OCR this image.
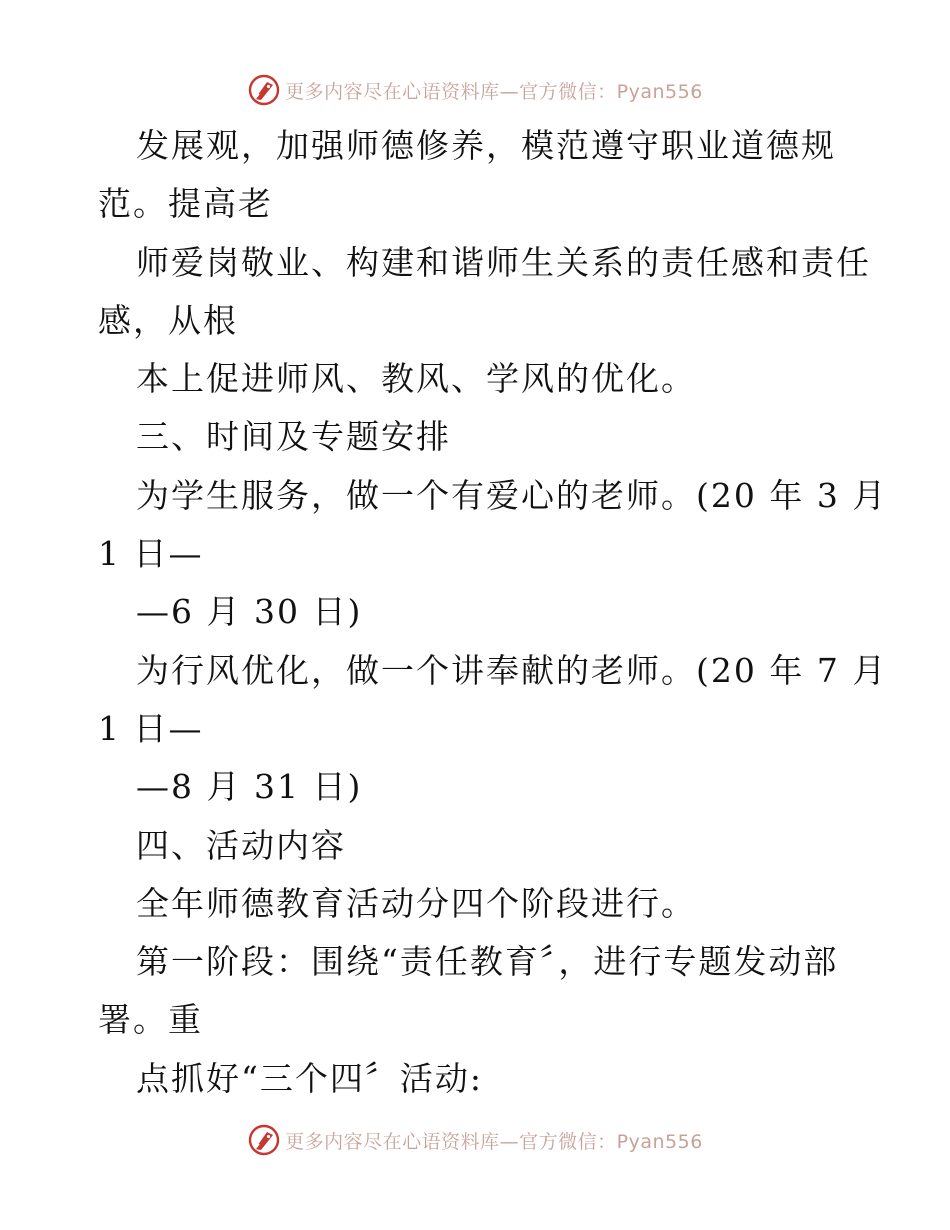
更多内容尽在心语资料库—官方微信：Pyan556
发展观，加强师德修养，模范遵守职业道德规
范。提高老
师爱岗敬业、构建和谐师生关系的责任感和责任
感，从根
本上促进师风、教风、学风的优化。
三、时间及专题安排
为学生服务，做一个有爱心的老师。(20 年 3 月
1 日—
—6 月 30 日)
为行风优化，做一个讲奉献的老师。(20 年 7 月
1 日—
—8 月 31 日)
四、活动内容
全年师德教育活动分四个阶段进行。
第一阶段：围绕“责任教育〞，进行专题发动部
署。重
点抓好“三个四〞活动:
更多内容尽在心语资料库—官方微信：Pyan556
